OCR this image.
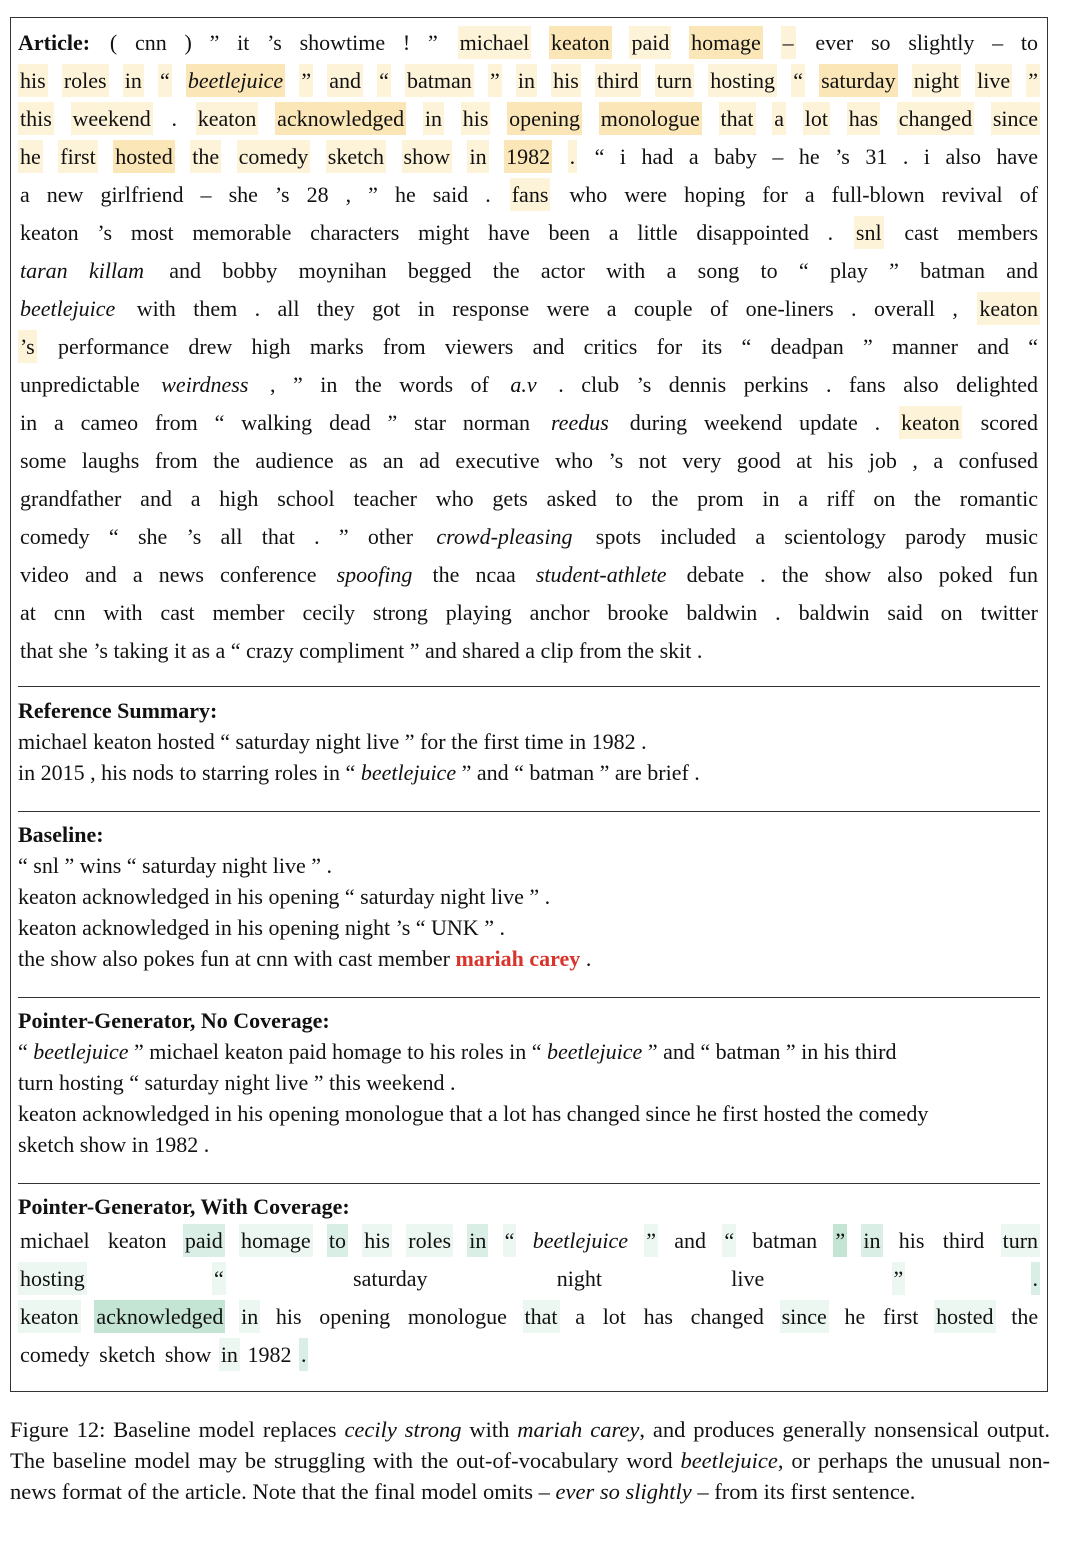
Article: ( cnn ) ” it ’s showtime ! ” michael keaton paid homage – ever so slightly – to
his roles in “ beetlejuice ” and “ batman ” in his third turn hosting “ saturday night live ”
this weekend . keaton acknowledged in his opening monologue that a lot has changed since
he first hosted the comedy sketch show in 1982 . “ i had a baby – he ’s 31 . i also have
a new girlfriend – she ’s 28 , ” he said . fans who were hoping for a full-blown revival of
keaton ’s most memorable characters might have been a little disappointed . snl cast members
taran killam and bobby moynihan begged the actor with a song to “ play ” batman and
beetlejuice with them . all they got in response were a couple of one-liners . overall , keaton
’s performance drew high marks from viewers and critics for its “ deadpan ” manner and “
unpredictable weirdness , ” in the words of a.v . club ’s dennis perkins . fans also delighted
in a cameo from “ walking dead ” star norman reedus during weekend update . keaton scored
some laughs from the audience as an ad executive who ’s not very good at his job , a confused
grandfather and a high school teacher who gets asked to the prom in a riff on the romantic
comedy “ she ’s all that . ” other crowd-pleasing spots included a scientology parody music
video and a news conference spoofing the ncaa student-athlete debate . the show also poked fun
at cnn with cast member cecily strong playing anchor brooke baldwin . baldwin said on twitter
that she ’s taking it as a “ crazy compliment ” and shared a clip from the skit .
Reference Summary:
michael keaton hosted “ saturday night live ” for the first time in 1982 .
in 2015 , his nods to starring roles in “ beetlejuice ” and “ batman ” are brief .
Baseline:
“ snl ” wins “ saturday night live ” .
keaton acknowledged in his opening “ saturday night live ” .
keaton acknowledged in his opening night ’s “ UNK ” .
the show also pokes fun at cnn with cast member mariah carey .
Pointer-Generator, No Coverage:
“ beetlejuice ” michael keaton paid homage to his roles in “ beetlejuice ” and “ batman ” in his third
turn hosting “ saturday night live ” this weekend .
keaton acknowledged in his opening monologue that a lot has changed since he first hosted the comedy
sketch show in 1982 .
Pointer-Generator, With Coverage:
michael keaton paid homage to his roles in “ beetlejuice ” and “ batman ” in his third turn
hosting	“	saturday	night	live	”	.
keaton acknowledged in his opening monologue that a lot has changed since he first hosted the
comedy sketch show in 1982 .
Figure 12: Baseline model replaces cecily strong with mariah carey, and produces generally nonsensical output. The baseline model may be struggling with the out-of-vocabulary word beetlejuice, or perhaps the unusual non-news format of the article. Note that the final model omits – ever so slightly – from its first sentence.
